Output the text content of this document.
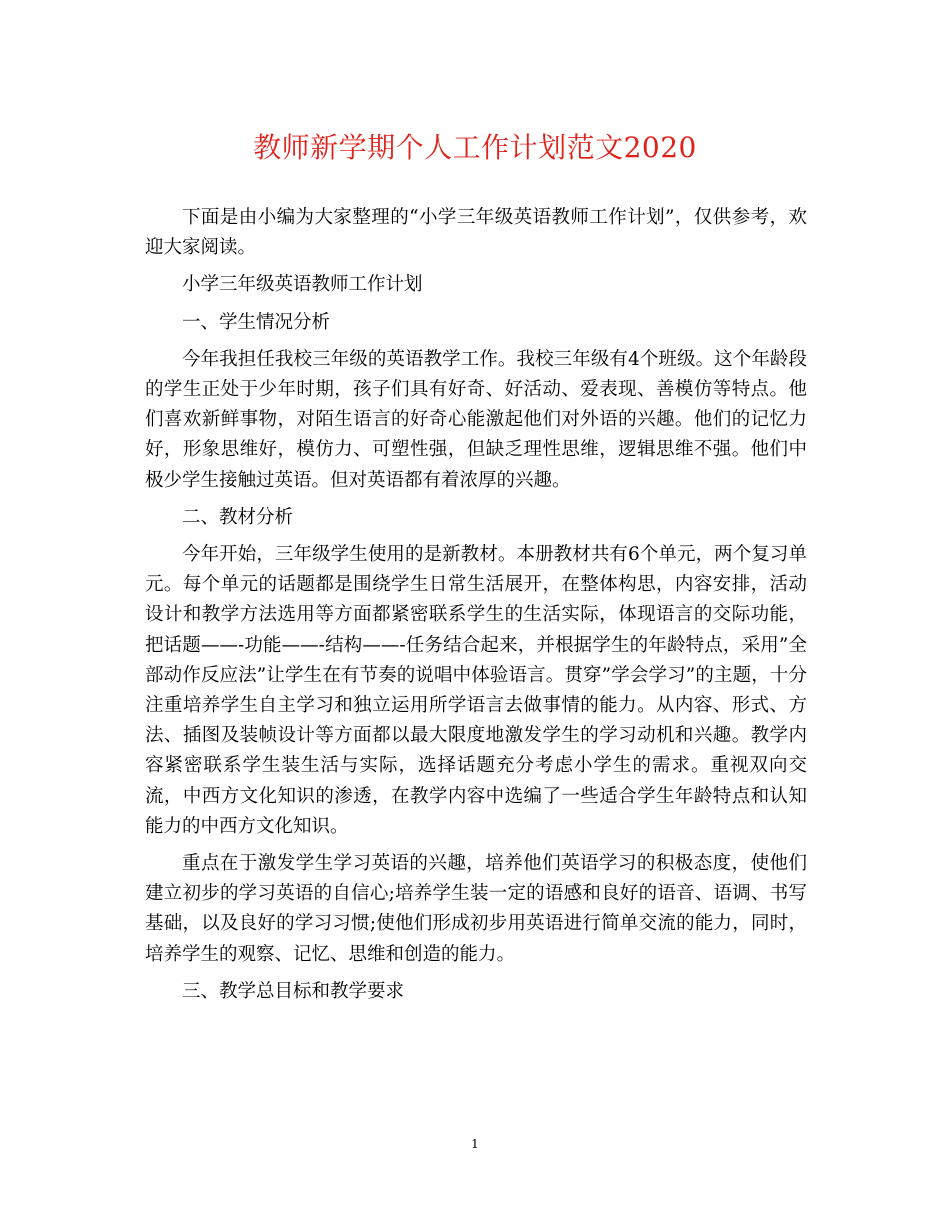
教师新学期个人工作计划范文2020

下面是由小编为大家整理的“小学三年级英语教师工作计划”，仅供参考，欢迎大家阅读。

小学三年级英语教师工作计划

一、学生情况分析

今年我担任我校三年级的英语教学工作。我校三年级有4个班级。这个年龄段的学生正处于少年时期，孩子们具有好奇、好活动、爱表现、善模仿等特点。他们喜欢新鲜事物，对陌生语言的好奇心能激起他们对外语的兴趣。他们的记忆力好，形象思维好，模仿力、可塑性强，但缺乏理性思维，逻辑思维不强。他们中极少学生接触过英语。但对英语都有着浓厚的兴趣。

二、教材分析

今年开始，三年级学生使用的是新教材。本册教材共有6个单元，两个复习单元。每个单元的话题都是围绕学生日常生活展开，在整体构思，内容安排，活动设计和教学方法选用等方面都紧密联系学生的生活实际，体现语言的交际功能，把话题——-功能——-结构——-任务结合起来，并根据学生的年龄特点，采用”全部动作反应法”让学生在有节奏的说唱中体验语言。贯穿”学会学习”的主题，十分注重培养学生自主学习和独立运用所学语言去做事情的能力。从内容、形式、方法、插图及装帧设计等方面都以最大限度地激发学生的学习动机和兴趣。教学内容紧密联系学生装生活与实际，选择话题充分考虑小学生的需求。重视双向交流，中西方文化知识的渗透，在教学内容中选编了一些适合学生年龄特点和认知能力的中西方文化知识。

重点在于激发学生学习英语的兴趣，培养他们英语学习的积极态度，使他们建立初步的学习英语的自信心;培养学生装一定的语感和良好的语音、语调、书写基础，以及良好的学习习惯;使他们形成初步用英语进行简单交流的能力，同时，培养学生的观察、记忆、思维和创造的能力。

三、教学总目标和教学要求

1
